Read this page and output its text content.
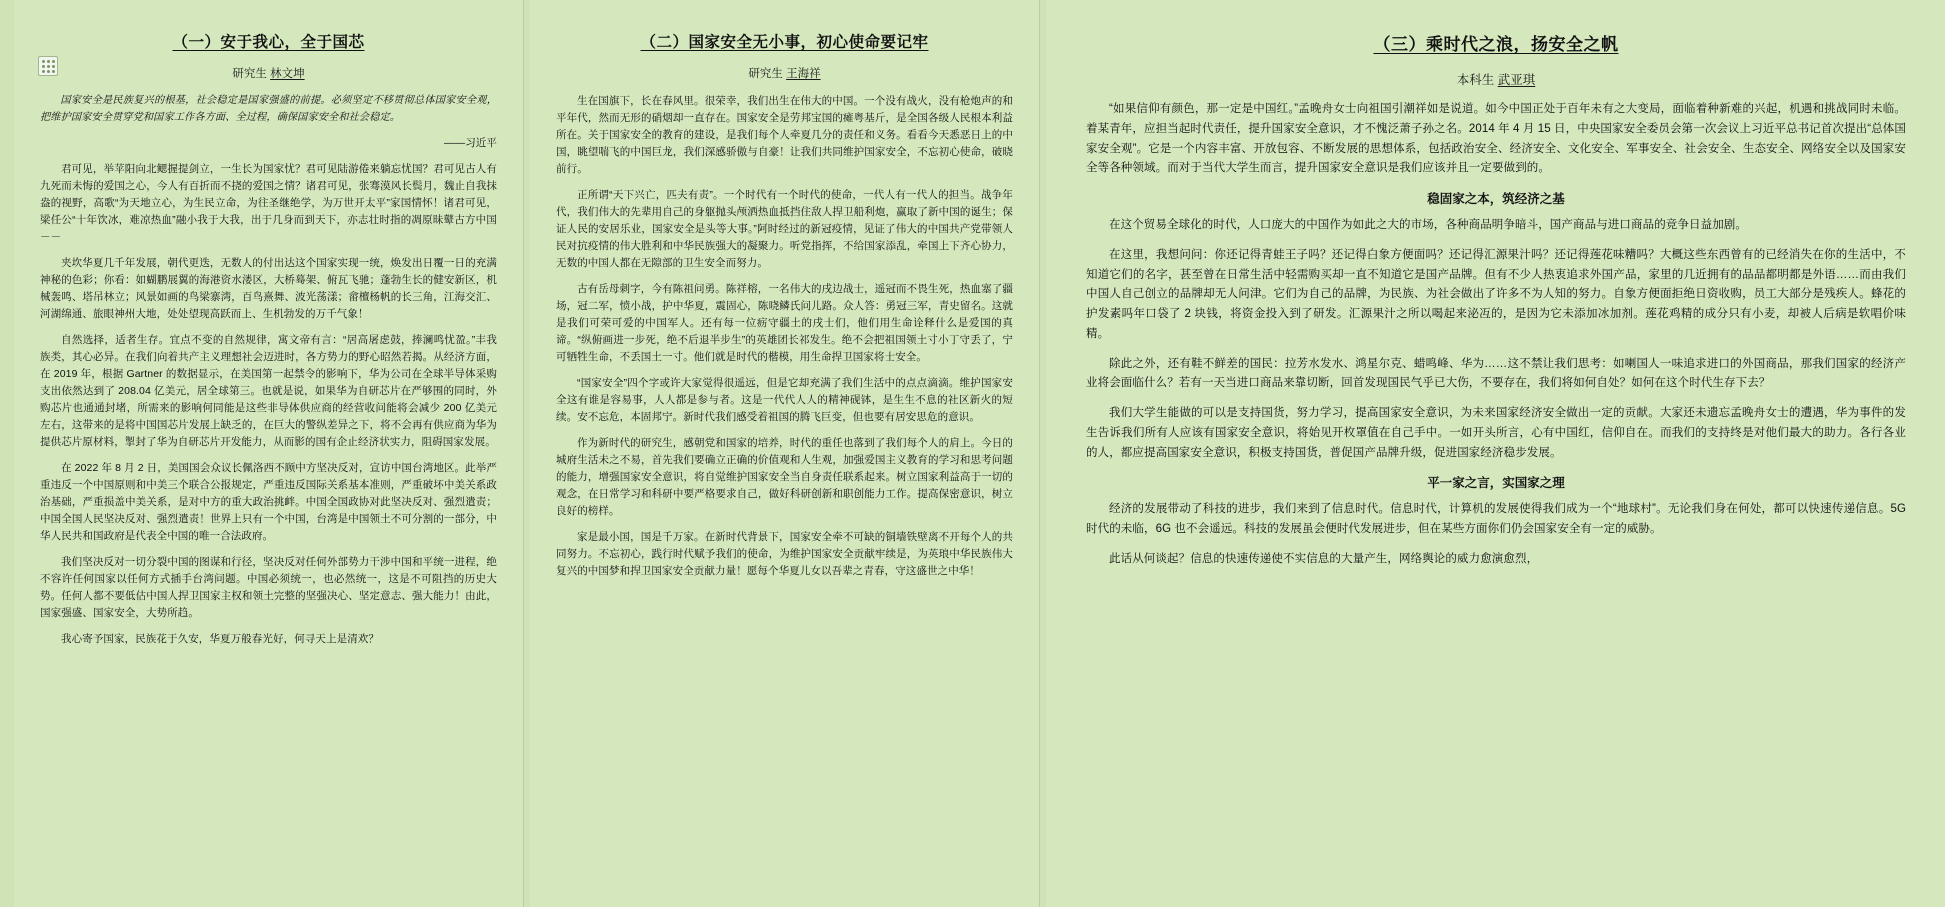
（一）安于我心，全于国芯
研究生 林文坤

国家安全是民族复兴的根基，社会稳定是国家强盛的前提。必须坚定不移贯彻总体国家安全观，把维护国家安全贯穿党和国家工作各方面、全过程，确保国家安全和社会稳定。

——习近平

君可见，举苹阳向北鳃握提剑立，一生长为国家忧？君可见陆游倦来躺忘忧国？君可见古人有九死而未悔的爱国之心，今人有百折而不挠的爱国之情？诸君可见，张骞漠风长鬓月，魏止自我抹盎的视野，高歌“为天地立心，为生民立命，为往圣继绝学，为万世开太平”家国情怀！诸君可见，梁任公“十年饮冰，难凉热血”融小我于大我，出于几身而到天下，亦志壮时指的凋原昧鼙古方中国－－

夹坎华夏几千年发展，朝代更迭，无数人的付出达这个国家实现一统，焕发出日覆一日的充满神秘的色彩；你看：如蝴鹏展翼的海港资水溇区，大桥蓦架、俯瓦飞驰；蓬勃生长的健安新区，机械轰鸣、塔吊林立；风景如画的鸟梁寨湾，百鸟熹舞、波光荡漾；畲檀杨帆的长三角，江海交汇、河湖绵通、旅眼神州大地，处处望现高跃而上、生机勃发的万千气象！

自然选择，适者生存。宜点不变的自然规律，寓文帝有言：“居高屠虑鼓，捧澜鸣忧盈。”丰我族类，其心必异。在我们向着共产主义理想社会迈进时，各方势力的野心昭然若揭。从经济方面，在 2019 年，根据 Gartner 的数据显示，在美国第一起禁令的影响下，华为公司在全球半导体采购支出依然达到了 208.04 亿美元，居全球第三。也就是说，如果华为自研芯片在严够围的同时，外购芯片也通通封堵，所需来的影响何同能是这些非导体供应商的经营收问能将会减少 200 亿美元左右，这带来的是将中国国芯片发展上缺乏的，在巨大的警纵差异之下，将不会再有供应商为华为提供芯片原材料，掣封了华为自研芯片开发能力，从而影的国有企止经济状实力，阻碍国家发展。

在 2022 年 8 月 2 日，美国国会众议长佩洛西不顾中方坚决反对，宣访中国台湾地区。此举严重违反一个中国原则和中美三个联合公报规定，严重违反国际关系基本准则，严重破坏中美关系政治基础，严重损盖中美关系，是对中方的重大政治挑衅。中国全国政协对此坚决反对、强烈遣责；中国全国人民坚决反对、强烈遣责！世界上只有一个中国，台湾是中国领土不可分割的一部分，中华人民共和国政府是代表全中国的唯一合法政府。

我们坚决反对一切分裂中国的图谋和行径，坚决反对任何外部势力干涉中国和平统一进程，绝不容许任何国家以任何方式插手台湾问题。中国必须统一，也必然统一，这是不可阻挡的历史大势。任何人都不要低估中国人捍卫国家主权和领土完整的坚强决心、坚定意志、强大能力！由此，国家强盛、国家安全，大势所趋。

我心寄予国家，民族花于久安，华夏万般春光好，何寻天上是清欢？

（二）国家安全无小事，初心使命要记牢
研究生 王海祥

生在国旗下，长在春风里。很荣幸，我们出生在伟大的中国。一个没有战火，没有枪炮声的和平年代，然而无形的硝烟却一直存在。国家安全是劳邦宝国的瘫粤基斤，是全国各级人民根本利益所在。关于国家安全的教育的建设，是我们每个人牵夏几分的责任和义务。看看今天悉恶日上的中国，眺望喘飞的中国巨龙，我们深感骄傲与自豪！让我们共同维护国家安全，不忘初心使命，破晓前行。

正所谓“天下兴亡，匹夫有责”。一个时代有一个时代的使命，一代人有一代人的担当。战争年代，我们伟大的先辈用自己的身躯抛头颅洒热血抵挡住敌人捍卫船利炮，赢取了新中国的诞生；保证人民的安居乐业，国家安全是头等大事。”阿时经过的新冠疫情，见证了伟大的中国共产党带领人民对抗疫情的伟大胜利和中华民族强大的凝聚力。听党指挥，不给国家添乱，牵国上下齐心协力，无数的中国人都在无隙部的卫生安全而努力。

古有岳母刺字，今有陈祖问勇。陈祥榕，一名伟大的戌边战士，遥冠而不畏生死，热血塞了疆场，冠二军，愤小战，护中华夏，震固心，陈哓鳞氏问儿路。众人答：勇冠三军，青史留名。这就是我们可荣可爱的中国军人。还有每一位疬守疆土的戌士们，他们用生命诠释什么是爱国的真谛。“纵俯画进一步死，绝不后退半步生”的英雄团长祁发生。绝不会把祖国领土寸小丁守丢了，宁可牺牲生命，不丢国土一寸。他们就是时代的楷模，用生命捍卫国家将士安全。

“国家安全”四个字或许大家觉得很遥远，但是它却充满了我们生活中的点点滴滴。维护国家安全这有谁是容易事，人人都是参与者。这是一代代人人的精神砚钵，是生生不息的社区新火的短续。安不忘危，本固邦宁。新时代我们感受着祖国的腾飞巨变，但也要有居安思危的意识。

作为新时代的研究生，感朝党和国家的培养，时代的重任也落到了我们每个人的肩上。今日的城府生活未之不易，首先我们要确立正确的价值观和人生观，加强爱国主义教育的学习和思考问题的能力，增强国家安全意识，将自觉维护国家安全当自身责任联系起来。树立国家利益高于一切的观念，在日常学习和科研中要严格要求自己，做好科研创新和职创能力工作。提高保密意识，树立良好的榜样。

家是最小国，国是千万家。在新时代背景下，国家安全牵不可缺的铜墙铁壁离不开每个人的共同努力。不忘初心，践行时代赋予我们的使命，为维护国家安全贡献牢续是，为英琅中华民族伟大复兴的中国梦和捍卫国家安全贡献力量！愿每个华夏儿女以吾辈之青春，守这盛世之中华！

（三）乘时代之浪，扬安全之帆
本科生 武亚琪

“如果信仰有颜色，那一定是中国红。”孟晚舟女士向祖国引潮祥如是说道。如今中国正处于百年未有之大变局，面临着种新难的兴起，机遇和挑战同时未临。着某青年，应担当起时代责任，提升国家安全意识，才不愧泛萧子孙之名。2014 年 4 月 15 日，中央国家安全委员会第一次会议上习近平总书记首次提出“总体国家安全观”。它是一个内容丰富、开放包容、不断发展的思想体系，包括政治安全、经济安全、文化安全、军事安全、社会安全、生态安全、网络安全以及国家安全等各种领域。而对于当代大学生而言，提升国家安全意识是我们应该并且一定要做到的。

稳固家之本，筑经济之基

在这个贸易全球化的时代，人口庞大的中国作为如此之大的市场，各种商品明争暗斗，国产商品与进口商品的竞争日益加剧。

在这里，我想问问：你还记得青蛙王子吗？还记得白象方便面吗？还记得汇源果汁吗？还记得莲花味糟吗？大概这些东西曾有的已经消失在你的生活中，不知道它们的名字，甚至曾在日常生活中轻需购买却一直不知道它是国产品牌。但有不少人热衷追求外国产品，家里的几近拥有的品品都明都是外语……而由我们中国人自己创立的品牌却无人问津。它们为自己的品牌，为民族、为社会做出了许多不为人知的努力。自象方便面拒绝日资收购，员工大部分是残疾人。蜂花的护发素吗年口袋了 2 块钱，将资金投入到了研发。汇源果汁之所以喝起来泌冱的，是因为它未添加冰加剂。莲花鸡精的成分只有小麦，却被人后病是软唱价味精。

除此之外，还有鞋不鲜差的国民：拉芳水发水、鸿星尔克、蜡鸣峰、华为……这不禁让我们思考：如喇国人一味追求进口的外国商品，那我们国家的经济产业将会面临什么？若有一天当进口商品来靠切断，回首发现国民气乎已大伤，不要存在，我们将如何自处？如何在这个时代生存下去？

我们大学生能做的可以是支持国货，努力学习，提高国家安全意识，为未来国家经济安全做出一定的贡献。大家还未遗忘孟晚舟女士的遭遇，华为事件的发生告诉我们所有人应该有国家安全意识，将始见开枚罩值在自己手中。一如开头所言，心有中国红，信仰自在。而我们的支持终是对他们最大的助力。各行各业的人，都应提高国家安全意识，积极支持国货，普促国产品牌升级，促进国家经济稳步发展。

平一家之言，实国家之理

经济的发展带动了科技的进步，我们来到了信息时代。信息时代，计算机的发展使得我们成为一个“地球村”。无论我们身在何处，都可以快速传递信息。5G 时代的未临，6G 也不会遥远。科技的发展虽会便时代发展进步，但在某些方面你们仍会国家安全有一定的威胁。

此话从何谈起？信息的快速传递使不实信息的大量产生，网络舆论的威力愈演愈烈，
